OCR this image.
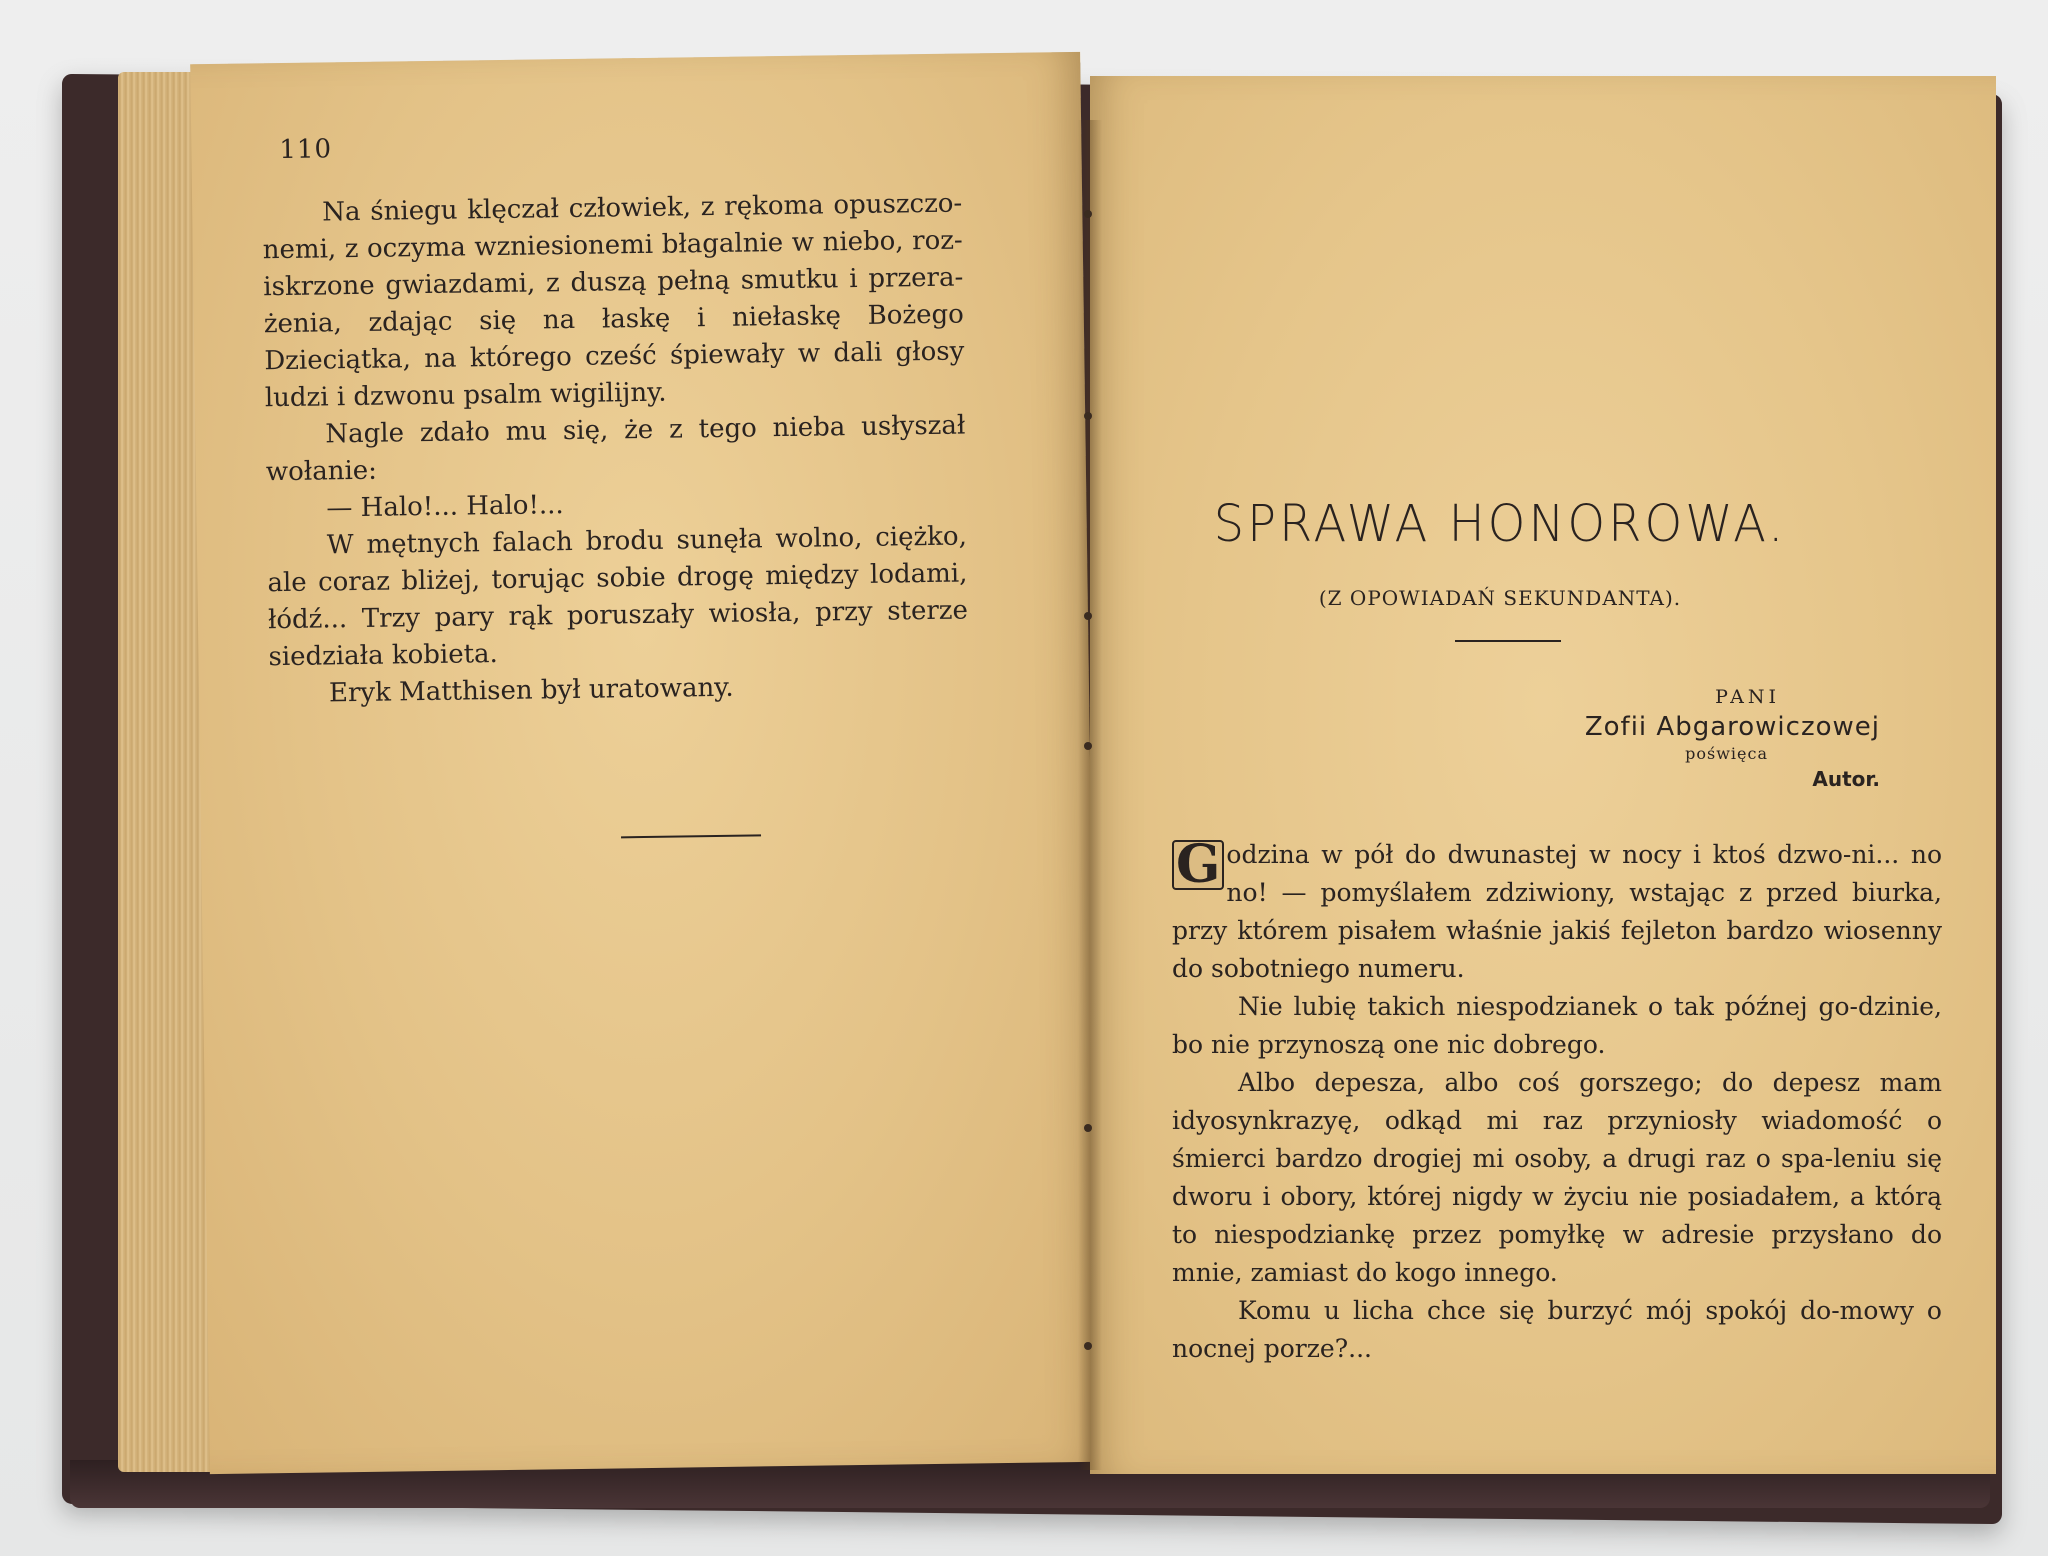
110

Na śniegu klęczał człowiek, z rękoma opuszczo-nemi, z oczyma wzniesionemi błagalnie w niebo, roz-iskrzone gwiazdami, z duszą pełną smutku i przera-żenia, zdając się na łaskę i niełaskę Bożego Dzieciątka, na którego cześć śpiewały w dali głosy ludzi i dzwonu psalm wigilijny.

Nagle zdało mu się, że z tego nieba usłyszał wołanie:

— Halo!... Halo!...

W mętnych falach brodu sunęła wolno, ciężko, ale coraz bliżej, torując sobie drogę między lodami, łódź... Trzy pary rąk poruszały wiosła, przy sterze siedziała kobieta.

Eryk Matthisen był uratowany.

SPRAWA HONOROWA.
(Z OPOWIADAŃ SEKUNDANTA).
PANI
Zofii Abgarowiczowej
poświęca
Autor.

G odzina w pół do dwunastej w nocy i ktoś dzwo-ni... no no! — pomyślałem zdziwiony, wstając z przed biurka, przy którem pisałem właśnie jakiś fejleton bardzo wiosenny do sobotniego numeru.

Nie lubię takich niespodzianek o tak późnej go-dzinie, bo nie przynoszą one nic dobrego.

Albo depesza, albo coś gorszego; do depesz mam idyosynkrazyę, odkąd mi raz przyniosły wiadomość o śmierci bardzo drogiej mi osoby, a drugi raz o spa-leniu się dworu i obory, której nigdy w życiu nie posiadałem, a którą to niespodziankę przez pomyłkę w adresie przysłano do mnie, zamiast do kogo innego.

Komu u licha chce się burzyć mój spokój do-mowy o nocnej porze?...
